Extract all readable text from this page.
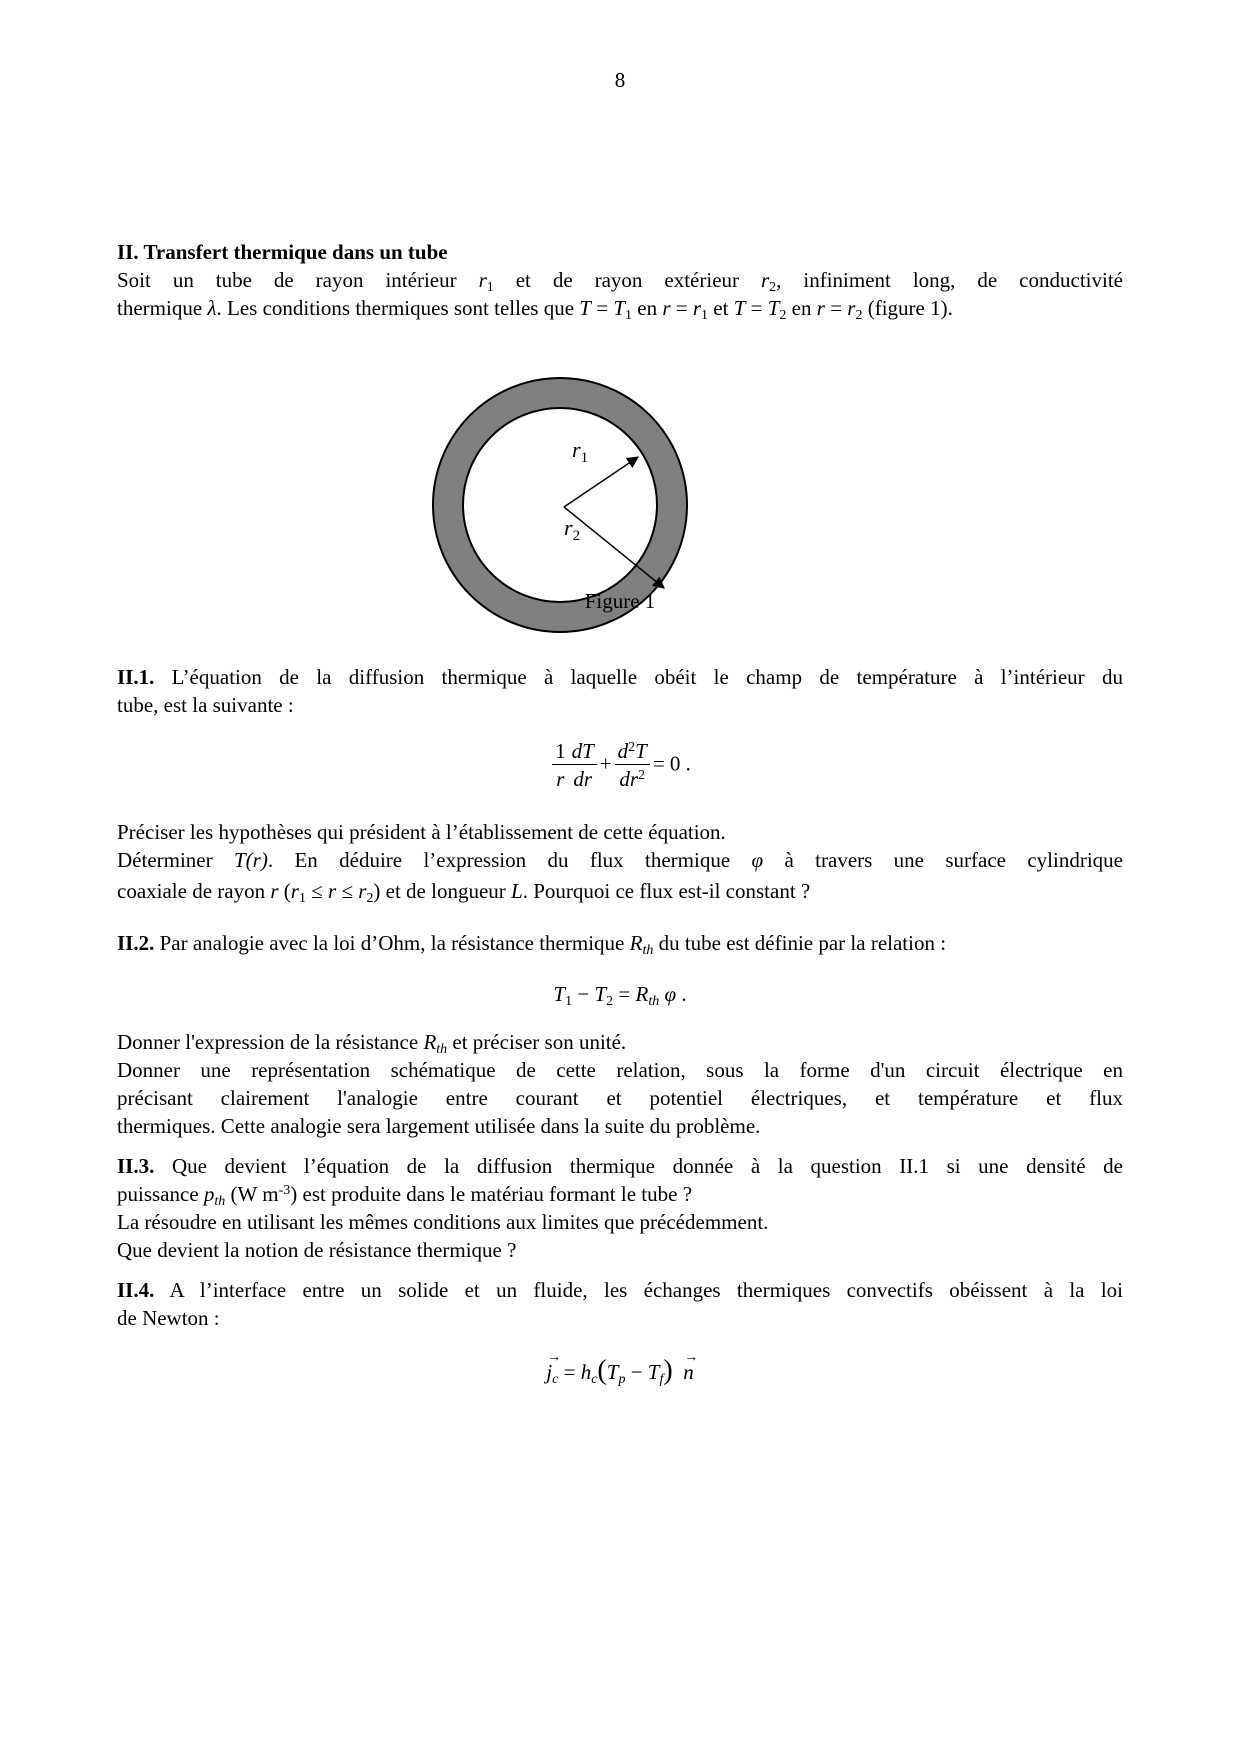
8

II. Transfert thermique dans un tube

Soit un tube de rayon intérieur $r_1$ et de rayon extérieur $r_2$, infiniment long, de conductivité

thermique λ. Les conditions thermiques sont telles que $T = T_1$ en $r = r_1$ et $T = T_2$ en $r = r_2$ (figure 1).

$r_1$
$r_2$
Figure 1

II.1. L’équation de la diffusion thermique à laquelle obéit le champ de température à l’intérieur du

tube, est la suivante :

$\frac{1}{r} \frac{dT}{dr} + \frac{d^2T}{dr^2} = 0$ .

Préciser les hypothèses qui président à l’établissement de cette équation.

Déterminer T(r). En déduire l’expression du flux thermique φ à travers une surface cylindrique

coaxiale de rayon r $(r_1 \le r \le r_2)$ et de longueur L. Pourquoi ce flux est-il constant ?

II.2. Par analogie avec la loi d’Ohm, la résistance thermique $R_{th}$ du tube est définie par la relation :

$T_1 - T_2 = R_{th}$ φ .

Donner l'expression de la résistance $R_{th}$ et préciser son unité.

Donner une représentation schématique de cette relation, sous la forme d'un circuit électrique en

précisant clairement l'analogie entre courant et potentiel électriques, et température et flux

thermiques. Cette analogie sera largement utilisée dans la suite du problème.

II.3. Que devient l’équation de la diffusion thermique donnée à la question II.1 si une densité de

puissance $p_{th}$ (W $m^{-3}$) est produite dans le matériau formant le tube ?

La résoudre en utilisant les mêmes conditions aux limites que précédemment.

Que devient la notion de résistance thermique ?

II.4. A l’interface entre un solide et un fluide, les échanges thermiques convectifs obéissent à la loi

de Newton :

→ $j_c = h_c(T_p - T_f) \to n$
